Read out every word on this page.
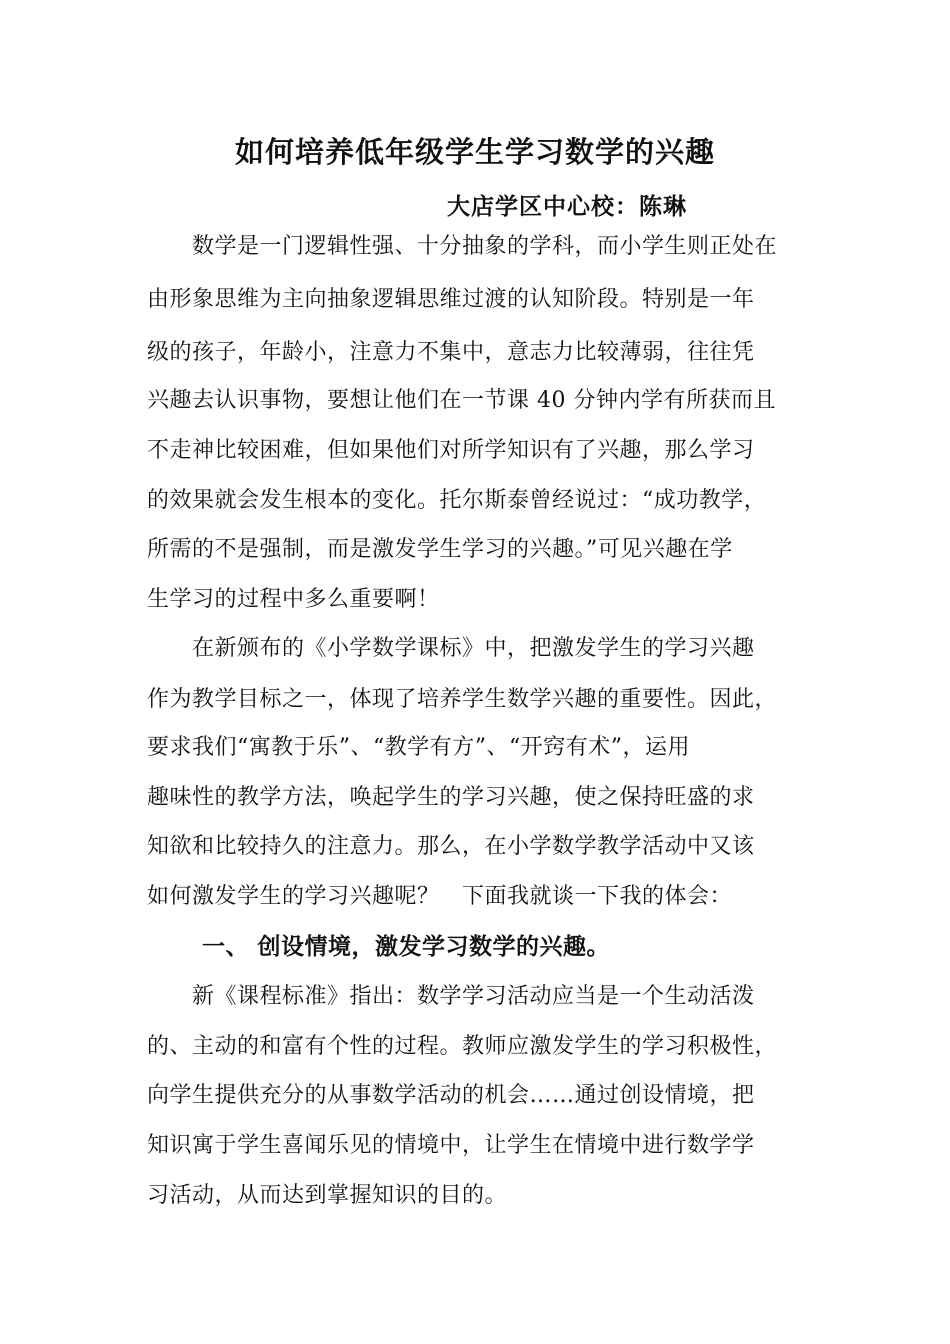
如何培养低年级学生学习数学的兴趣
大店学区中心校：陈琳
　　数学是一门逻辑性强、十分抽象的学科，而小学生则正处在
由形象思维为主向抽象逻辑思维过渡的认知阶段。特别是一年
级的孩子，年龄小，注意力不集中，意志力比较薄弱，往往凭
兴趣去认识事物，要想让他们在一节课 40 分钟内学有所获而且
不走神比较困难，但如果他们对所学知识有了兴趣，那么学习
的效果就会发生根本的变化。托尔斯泰曾经说过：“成功教学，
所需的不是强制，而是激发学生学习的兴趣。”可见兴趣在学
生学习的过程中多么重要啊！
　　在新颁布的《小学数学课标》中，把激发学生的学习兴趣
作为教学目标之一，体现了培养学生数学兴趣的重要性。因此，
要求我们“寓教于乐”、“教学有方”、“开窍有术”，运用
趣味性的教学方法，唤起学生的学习兴趣，使之保持旺盛的求
知欲和比较持久的注意力。那么，在小学数学教学活动中又该
如何激发学生的学习兴趣呢？　下面我就谈一下我的体会：
一、 创设情境，激发学习数学的兴趣。
　　新《课程标准》指出：数学学习活动应当是一个生动活泼
的、主动的和富有个性的过程。教师应激发学生的学习积极性，
向学生提供充分的从事数学活动的机会……通过创设情境，把
知识寓于学生喜闻乐见的情境中，让学生在情境中进行数学学
习活动，从而达到掌握知识的目的。
